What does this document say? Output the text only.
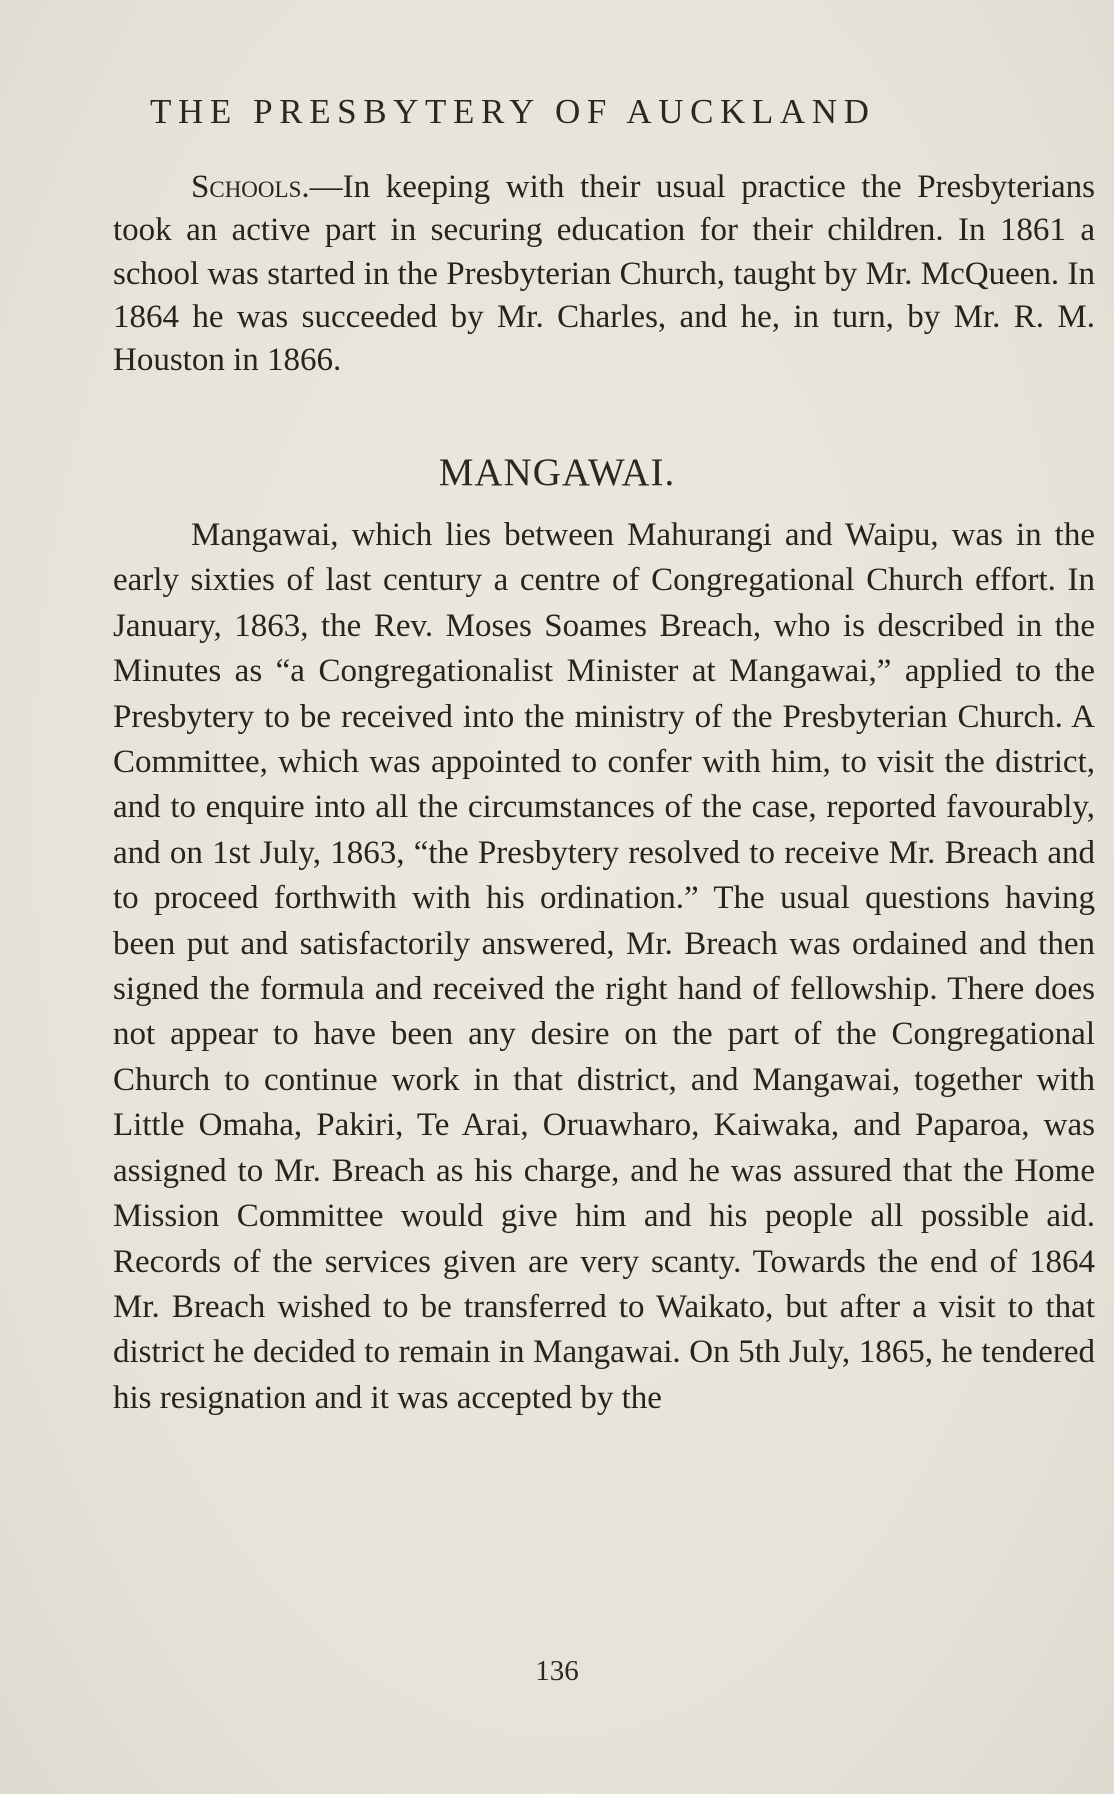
THE PRESBYTERY OF AUCKLAND

Schools.—In keeping with their usual practice the Presbyterians took an active part in securing education for their children. In 1861 a school was started in the Presbyterian Church, taught by Mr. McQueen. In 1864 he was succeeded by Mr. Charles, and he, in turn, by Mr. R. M. Houston in 1866.

MANGAWAI.

Mangawai, which lies between Mahurangi and Waipu, was in the early sixties of last century a centre of Congregational Church effort. In January, 1863, the Rev. Moses Soames Breach, who is described in the Minutes as “a Congregationalist Minister at Mangawai,” applied to the Presbytery to be received into the ministry of the Presbyterian Church. A Committee, which was appointed to confer with him, to visit the district, and to enquire into all the circumstances of the case, reported favourably, and on 1st July, 1863, “the Presbytery resolved to receive Mr. Breach and to proceed forthwith with his ordination.” The usual questions having been put and satisfactorily answered, Mr. Breach was ordained and then signed the formula and received the right hand of fellowship. There does not appear to have been any desire on the part of the Congregational Church to continue work in that district, and Mangawai, together with Little Omaha, Pakiri, Te Arai, Oruawharo, Kaiwaka, and Paparoa, was assigned to Mr. Breach as his charge, and he was assured that the Home Mission Committee would give him and his people all possible aid. Records of the services given are very scanty. Towards the end of 1864 Mr. Breach wished to be transferred to Waikato, but after a visit to that district he decided to remain in Mangawai. On 5th July, 1865, he tendered his resignation and it was accepted by the

136
